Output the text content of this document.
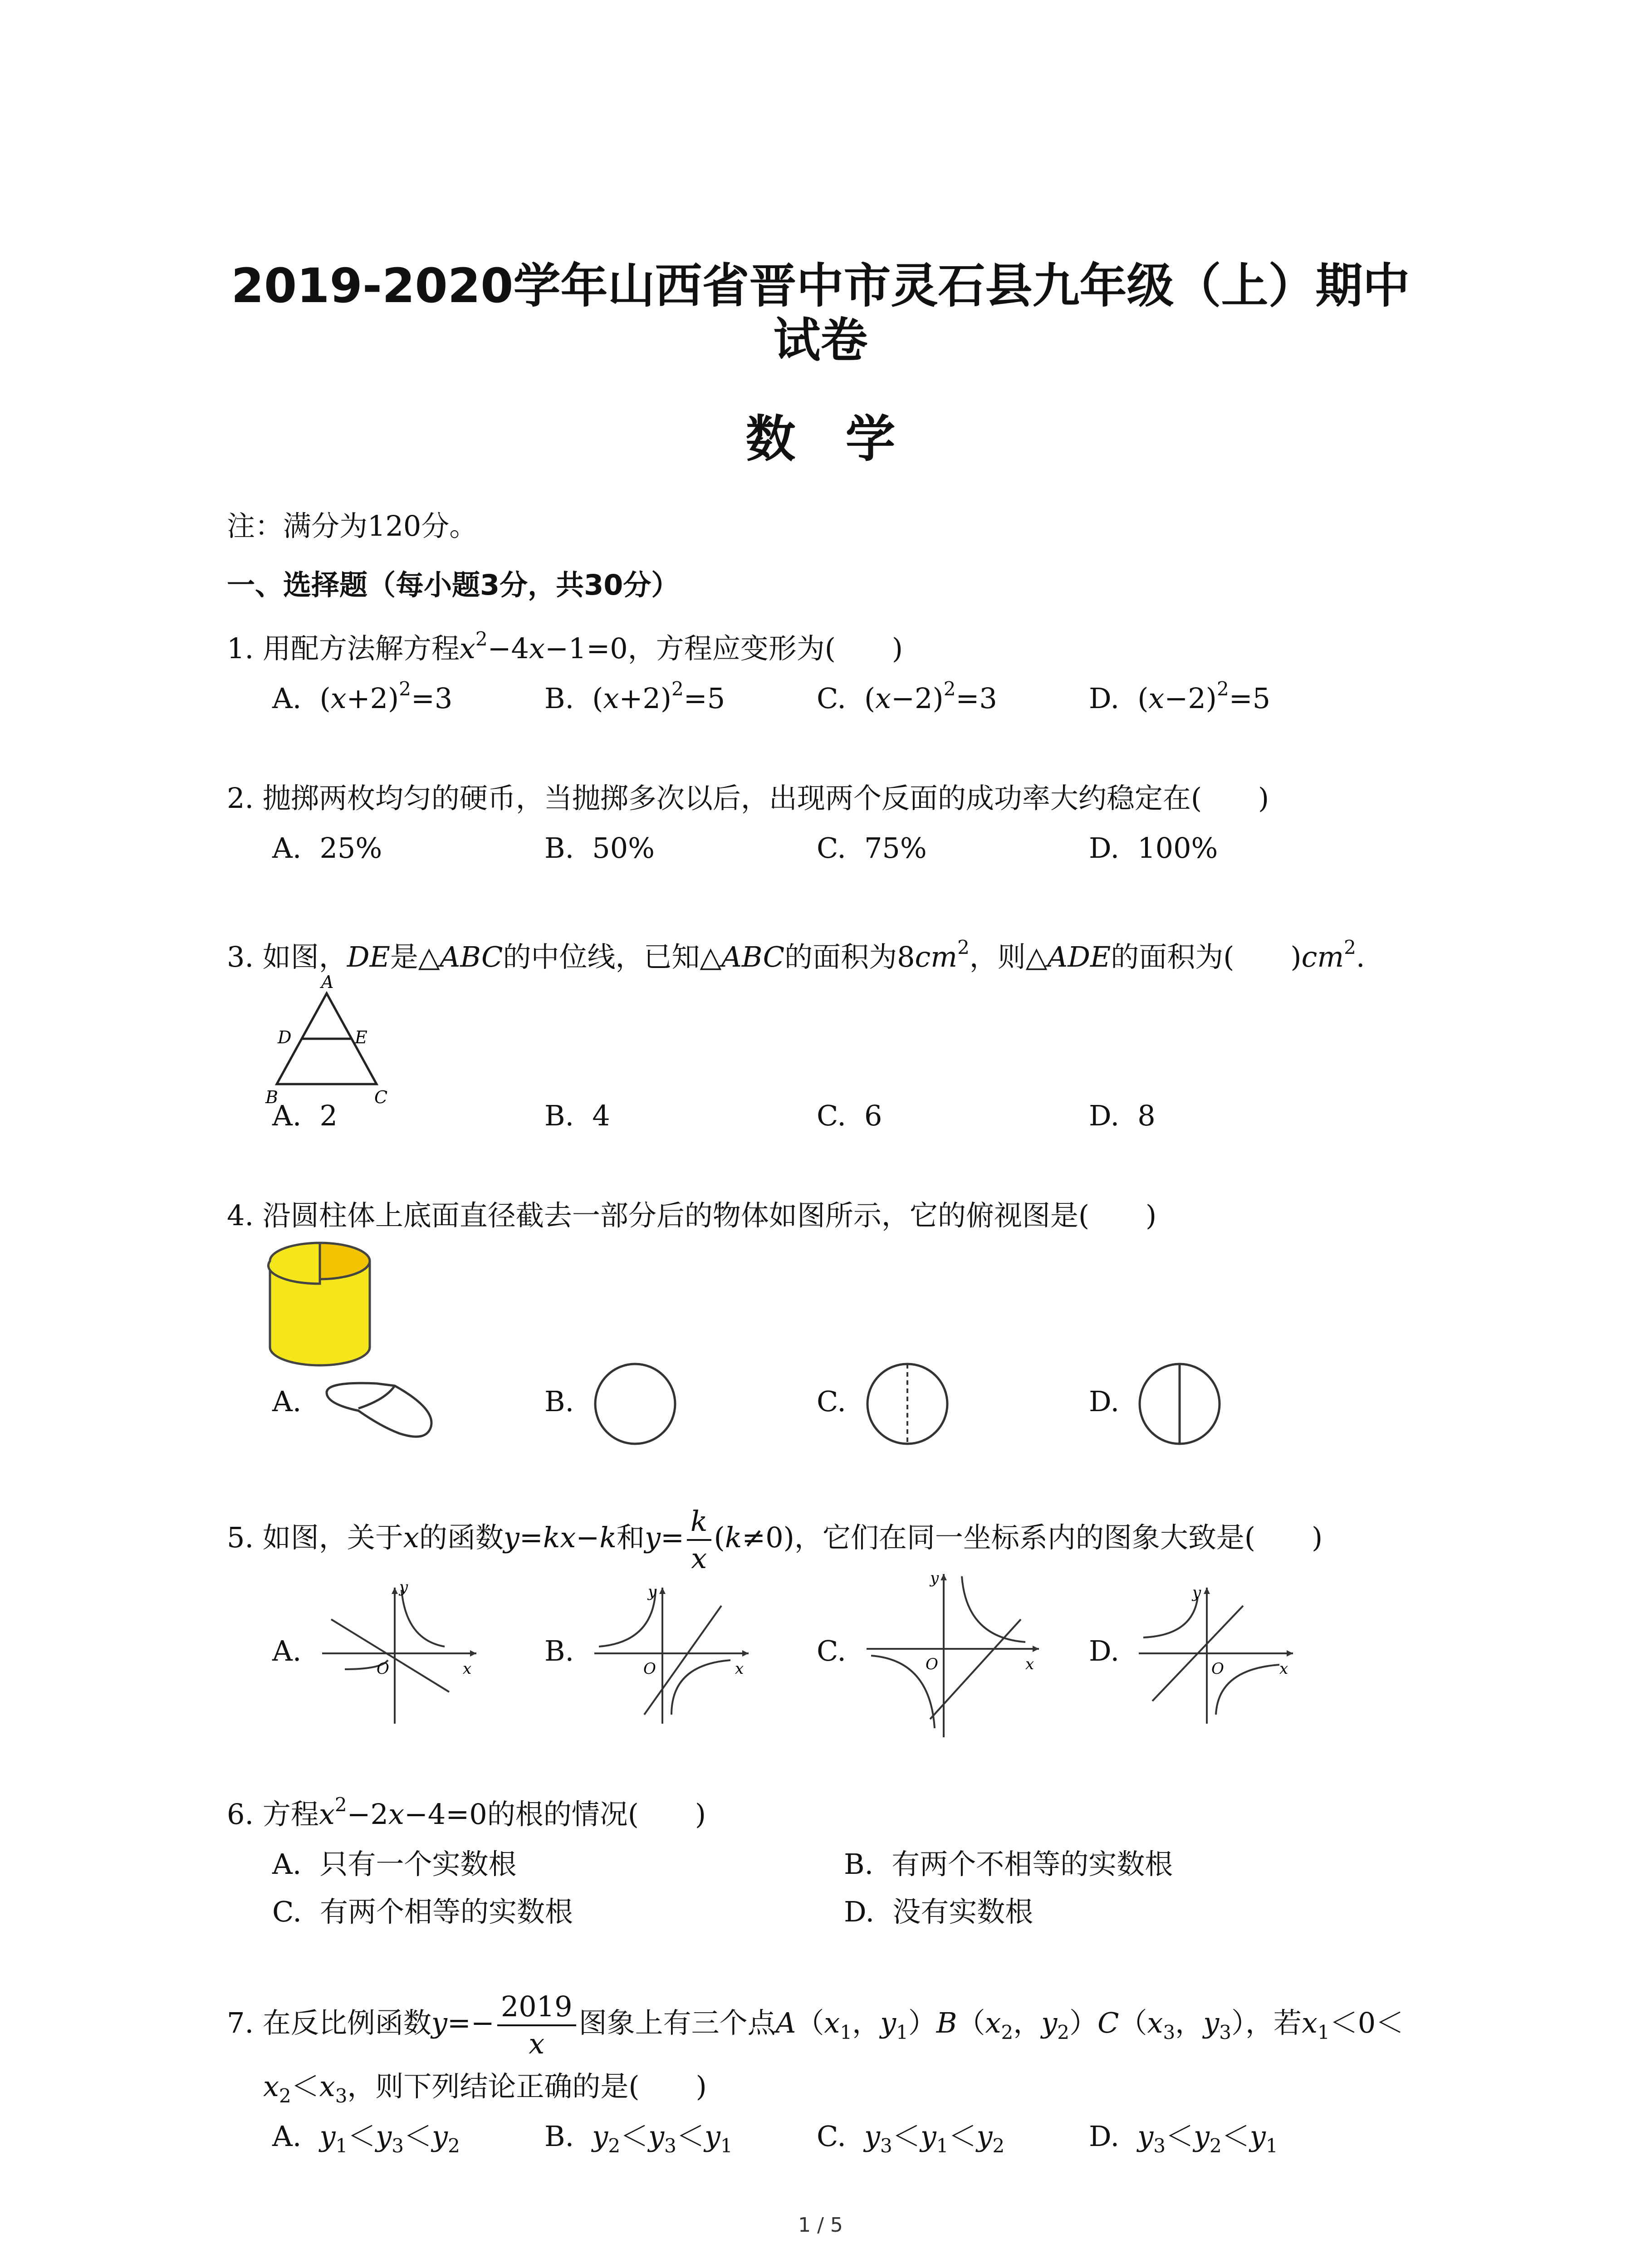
2019-2020学年山西省晋中市灵石县九年级（上）期中
试卷
数学
注：满分为120分。
一、选择题（每小题3分，共30分）
1. 用配方法解方程$x^2-4x-1=0$，方程应变形为(　　)
A. $(x+2)^2=3$	B. $(x+2)^2=5$	C. $(x-2)^2=3$	D. $(x-2)^2=5$
2. 抛掷两枚均匀的硬币，当抛掷多次以后，出现两个反面的成功率大约稳定在(　　)
A. 25%	B. 50%	C. 75%	D. 100%
3. 如图，DE是△ABC的中位线，已知△ABC的面积为$8cm^2$，则△ADE的面积为(　　)$cm^2$.
A
D	E
B	C
A. 2	B. 4	C. 6	D. 8
4. 沿圆柱体上底面直径截去一部分后的物体如图所示，它的俯视图是(　　)
A.	B.	C.	D.
5. 如图，关于x的函数y=kx−k和$y= \frac{k}{x} (k\ne 0)$，它们在同一坐标系内的图象大致是(　　)
A.
y
x
O
B.
y
x
O
C.
y
x
O	D.
y
x
O
6. 方程$x^2-2x-4=0$的根的情况(　　)
A. 只有一个实数根	B. 有两个不相等的实数根
C. 有两个相等的实数根	D. 没有实数根
7. 在反比例函数$y=- \frac{2019}{x}$ 图象上有三个点$A(x_1$，$y_1)B(x_2$，$y_2)C(x_3$，$y_3$），若$x_1<0<$
$x_2<x_3$，则下列结论正确的是(　　)
A. $y_1<y_3<y_2$	B. $y_2<y_3<y_1$	C. $y_3<y_1<y_2$	D. $y_3<y_2<y_1$
1 / 5
